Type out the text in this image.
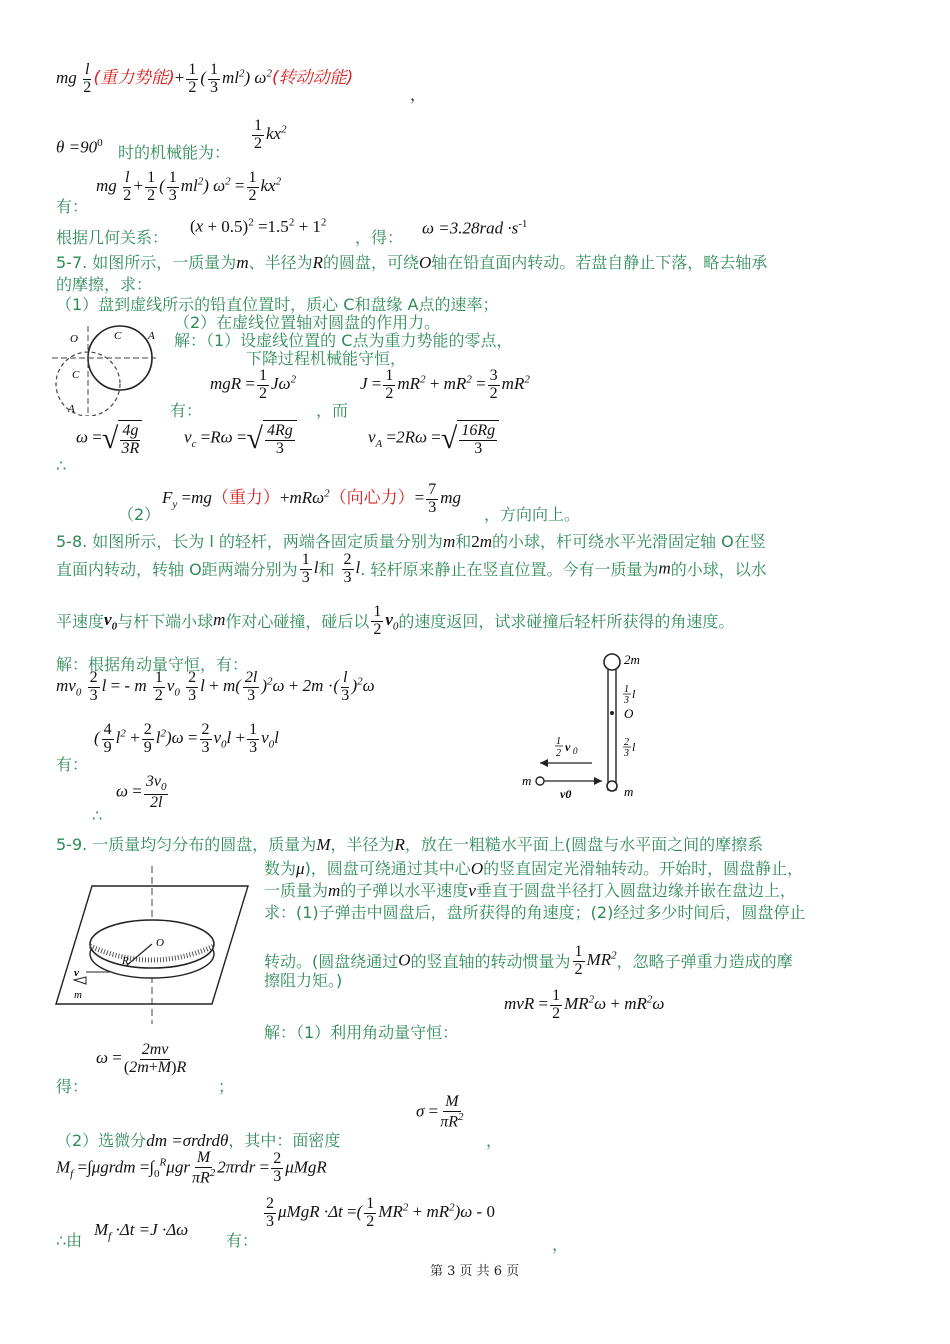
mg $\frac{l}{2}$ (重力势能)+ $\frac{1}{2}$ ( $\frac{1}{3} ml^2$) $\omega^2$(转动动能)
，
$\frac{1}{2} kx^2$
$\theta =90^0$ 时的机械能为：
mg $\frac{l}{2} + \frac{1}{2}$ ( $\frac{1}{3} ml^2$) $\omega^2 = \frac{1}{2} kx^2$
有：
根据几何关系：
$(x + 0.5)^2 =1.5^2 + 1^2$
，得： $\omega =3.28rad \cdot s^{-1}$
5-7. 如图所示，一质量为m、半径为R的圆盘，可绕O轴在铅直面内转动。若盘自静止下落，略去轴承
的摩擦，求：
（1）盘到虚线所示的铅直位置时，质心 C和盘缘 A点的速率；
（2）在虚线位置轴对圆盘的作用力。
O	C A
C
A
解：（1）设虚线位置的 C点为重力势能的零点，
下降过程机械能守恒，
mgR = $\frac{1}{2} J\omega^2$
有：	，而
$J = \frac{1}{2} mR^2 + mR^2 = \frac{3}{2} mR^2$
ω = √ $\frac{4g}{3R}$	$v_c =R\omega$ = √ $\frac{4Rg}{3}$	$v_A =2R\omega$ = √ $\frac{16Rg}{3}$
∴
（2）
$F_y =mg$（重力）+mRω$^2$（向心力）= $\frac{7}{3}$ mg
，方向向上。
5-8. 如图所示，长为 l 的轻杆，两端各固定质量分别为m和2m的小球，杆可绕水平光滑固定轴 O在竖
直面内转动，转轴 O距两端分别为 $\frac{1}{3}$ l和 $\frac{2}{3} l$. 轻杆原来静止在竖直位置。今有一质量为m的小球，以水
平速度$v_0$与杆下端小球m作对心碰撞，碰后以 $\frac{1}{2} v_0$的速度返回，试求碰撞后轻杆所获得的角速度。
解：根据角动量守恒，有：
$mv_0 \frac{2}{3}$ l = - m $\frac{1}{2} v_0 \frac{2}{3}$ $l + m( \frac{2l}{3} )^2\omega + 2m$ ·( $\frac{l}{3} )^2\omega$
( $\frac{4}{9} l^2 + \frac{2}{9} l^2)\omega = \frac{2}{3} v_0l + \frac{1}{3} v_0l$
有：
$\omega = \frac{3v_0}{2l}$
∴
2m
O
m
1
3 l
2
3 l
1
2 v 0
m
v0
5-9. 一质量均匀分布的圆盘，质量为M，半径为R，放在一粗糙水平面上(圆盘与水平面之间的摩擦系
数为μ)，圆盘可绕通过其中心O的竖直固定光滑轴转动。开始时，圆盘静止，
一质量为m的子弹以水平速度v垂直于圆盘半径打入圆盘边缘并嵌在盘边上，
求：(1)子弹击中圆盘后，盘所获得的角速度；(2)经过多少时间后，圆盘停止
转动。(圆盘绕通过O的竖直轴的转动惯量为 $\frac{1}{2} MR^2$，忽略子弹重力造成的摩
擦阻力矩。)
O
R
v
m	mvR = $\frac{1}{2} MR^2\omega + mR^2\omega$
解：（1）利用角动量守恒：
$\omega = \frac{2mv}{(2m+M)R}$
得：	；
$\sigma = \frac{M}{\pi R^2}$
（2）选微分dm =σrdrdθ，其中：面密度	，
$M_f$ =∫μgrdm $=\int_0^R\mu gr \frac{M}{\pi R^2} 2\pi rdr = \frac{2}{3}$ μMgR
∴由
$M_f \cdot\Delta t =J \cdot\Delta\omega$
有：
$\frac{2}{3}$ μMgR ·Δt =( $\frac{1}{2} MR^2 + mR^2)\omega - 0$
，
第 3 页 共 6 页
